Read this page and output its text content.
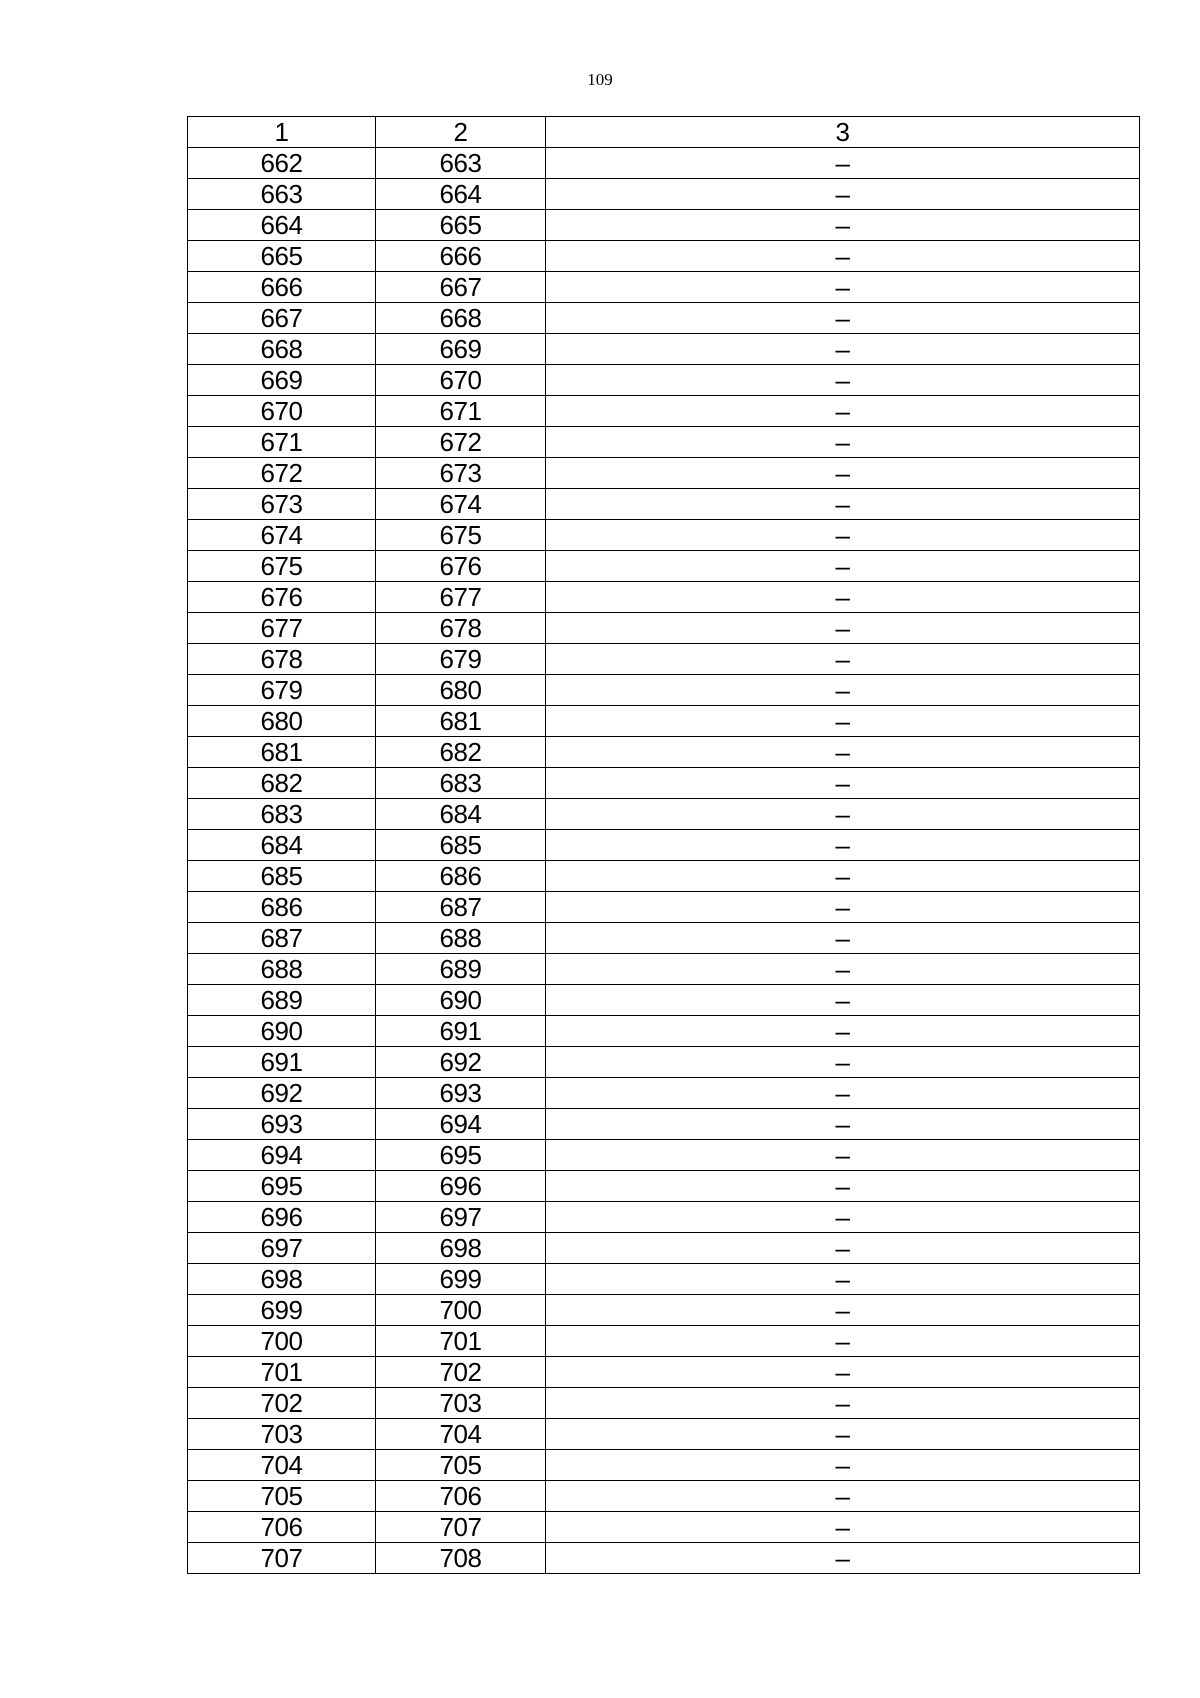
109
1	2	3
662	663	–
663	664	–
664	665	–
665	666	–
666	667	–
667	668	–
668	669	–
669	670	–
670	671	–
671	672	–
672	673	–
673	674	–
674	675	–
675	676	–
676	677	–
677	678	–
678	679	–
679	680	–
680	681	–
681	682	–
682	683	–
683	684	–
684	685	–
685	686	–
686	687	–
687	688	–
688	689	–
689	690	–
690	691	–
691	692	–
692	693	–
693	694	–
694	695	–
695	696	–
696	697	–
697	698	–
698	699	–
699	700	–
700	701	–
701	702	–
702	703	–
703	704	–
704	705	–
705	706	–
706	707	–
707	708	–
